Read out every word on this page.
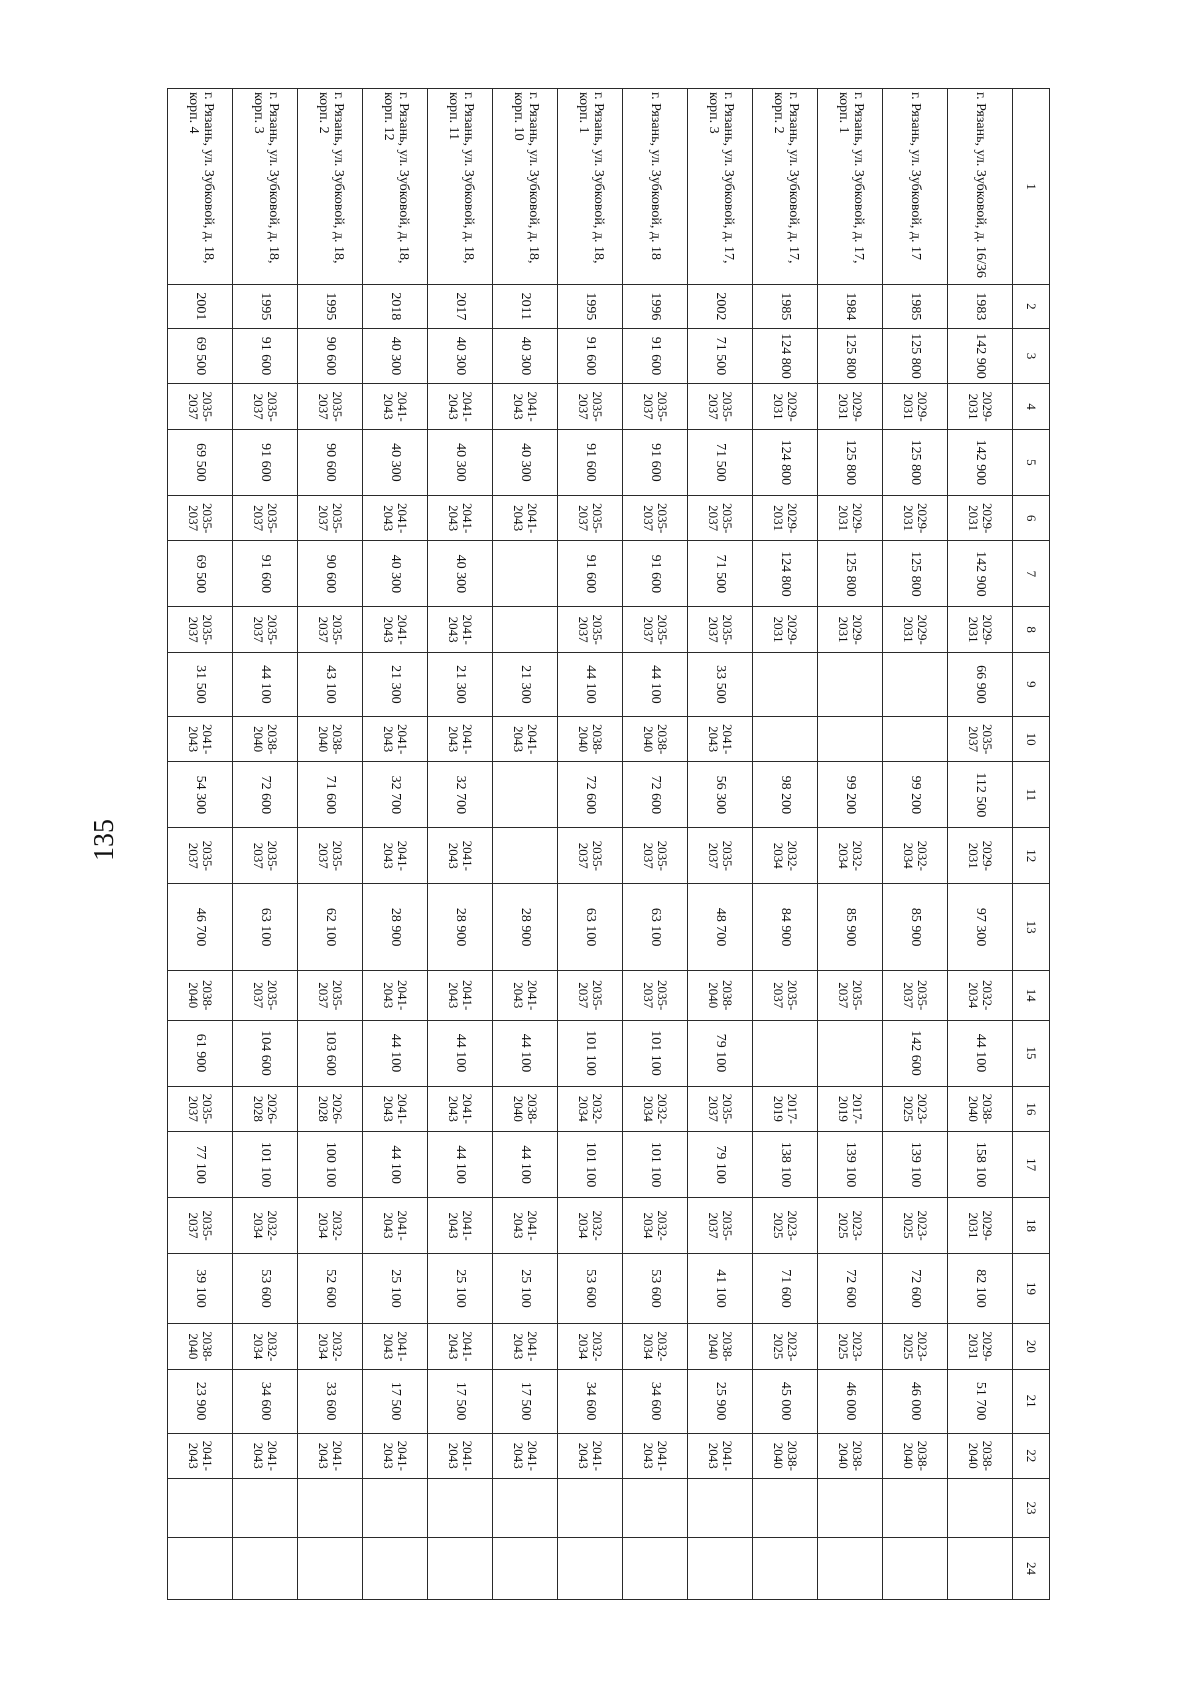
135
1	2	3	4	5	6	7	8	9	10	11	12	13	14	15	16	17	18	19	20	21	22	23	24
г. Рязань, ул. Зубковой, д. 16/36	1983	142 900	2029-2031	142 900	2029-2031	142 900	2029-2031	66 900	2035-2037	112 500	2029-2031	97 300	2032-2034	44 100	2038-2040	158 100	2029-2031	82 100	2029-2031	51 700	2038-2040		
г. Рязань, ул. Зубковой, д. 17	1985	125 800	2029-2031	125 800	2029-2031	125 800	2029-2031			99 200	2032-2034	85 900	2035-2037	142 600	2023-2025	139 100	2023-2025	72 600	2023-2025	46 000	2038-2040		
г. Рязань, ул. Зубковой, д. 17, корп. 1	1984	125 800	2029-2031	125 800	2029-2031	125 800	2029-2031			99 200	2032-2034	85 900	2035-2037		2017-2019	139 100	2023-2025	72 600	2023-2025	46 000	2038-2040		
г. Рязань, ул. Зубковой, д. 17, корп. 2	1985	124 800	2029-2031	124 800	2029-2031	124 800	2029-2031			98 200	2032-2034	84 900	2035-2037		2017-2019	138 100	2023-2025	71 600	2023-2025	45 000	2038-2040		
г. Рязань, ул. Зубковой, д. 17, корп. 3	2002	71 500	2035-2037	71 500	2035-2037	71 500	2035-2037	33 500	2041-2043	56 300	2035-2037	48 700	2038-2040	79 100	2035-2037	79 100	2035-2037	41 100	2038-2040	25 900	2041-2043		
г. Рязань, ул. Зубковой, д. 18	1996	91 600	2035-2037	91 600	2035-2037	91 600	2035-2037	44 100	2038-2040	72 600	2035-2037	63 100	2035-2037	101 100	2032-2034	101 100	2032-2034	53 600	2032-2034	34 600	2041-2043		
г. Рязань, ул. Зубковой, д. 18, корп. 1	1995	91 600	2035-2037	91 600	2035-2037	91 600	2035-2037	44 100	2038-2040	72 600	2035-2037	63 100	2035-2037	101 100	2032-2034	101 100	2032-2034	53 600	2032-2034	34 600	2041-2043		
г. Рязань, ул. Зубковой, д. 18, корп. 10	2011	40 300	2041-2043	40 300	2041-2043			21 300	2041-2043			28 900	2041-2043	44 100	2038-2040	44 100	2041-2043	25 100	2041-2043	17 500	2041-2043		
г. Рязань, ул. Зубковой, д. 18, корп. 11	2017	40 300	2041-2043	40 300	2041-2043	40 300	2041-2043	21 300	2041-2043	32 700	2041-2043	28 900	2041-2043	44 100	2041-2043	44 100	2041-2043	25 100	2041-2043	17 500	2041-2043		
г. Рязань, ул. Зубковой, д. 18, корп. 12	2018	40 300	2041-2043	40 300	2041-2043	40 300	2041-2043	21 300	2041-2043	32 700	2041-2043	28 900	2041-2043	44 100	2041-2043	44 100	2041-2043	25 100	2041-2043	17 500	2041-2043		
г. Рязань, ул. Зубковой, д. 18, корп. 2	1995	90 600	2035-2037	90 600	2035-2037	90 600	2035-2037	43 100	2038-2040	71 600	2035-2037	62 100	2035-2037	103 600	2026-2028	100 100	2032-2034	52 600	2032-2034	33 600	2041-2043		
г. Рязань, ул. Зубковой, д. 18, корп. 3	1995	91 600	2035-2037	91 600	2035-2037	91 600	2035-2037	44 100	2038-2040	72 600	2035-2037	63 100	2035-2037	104 600	2026-2028	101 100	2032-2034	53 600	2032-2034	34 600	2041-2043		
г. Рязань, ул. Зубковой, д. 18, корп. 4	2001	69 500	2035-2037	69 500	2035-2037	69 500	2035-2037	31 500	2041-2043	54 300	2035-2037	46 700	2038-2040	61 900	2035-2037	77 100	2035-2037	39 100	2038-2040	23 900	2041-2043		
